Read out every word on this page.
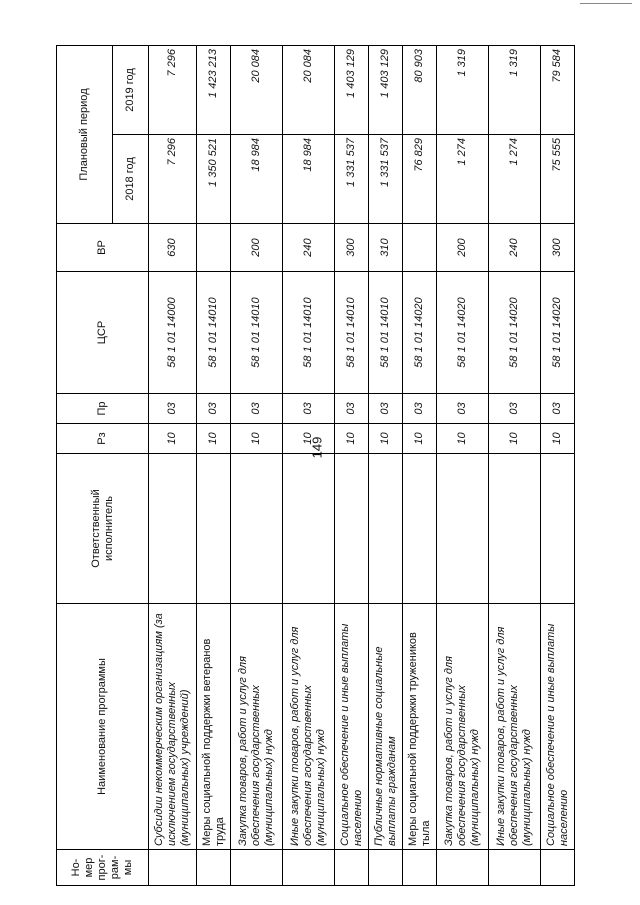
149
Но-мер прог-рам-мы	Наименование программы	Ответственный исполнитель	Рз	Пр	ЦСР	ВР	Плановый период	
							2018 год	2019 год
	Субсидии некоммерческим организациям (за исключением государственных (муниципальных) учреждений)		10	03	58 1 01 14000	630	7 296	7 296
	Меры социальной поддержки ветеранов труда		10	03	58 1 01 14010		1 350 521	1 423 213
	Закупка товаров, работ и услуг для обеспечения государственных (муниципальных) нужд		10	03	58 1 01 14010	200	18 984	20 084
	Иные закупки товаров, работ и услуг для обеспечения государственных (муниципальных) нужд		10	03	58 1 01 14010	240	18 984	20 084
	Социальное обеспечение и иные выплаты населению		10	03	58 1 01 14010	300	1 331 537	1 403 129
	Публичные нормативные социальные выплаты гражданам		10	03	58 1 01 14010	310	1 331 537	1 403 129
	Меры социальной поддержки тружеников тыла		10	03	58 1 01 14020		76 829	80 903
	Закупка товаров, работ и услуг для обеспечения государственных (муниципальных) нужд		10	03	58 1 01 14020	200	1 274	1 319
	Иные закупки товаров, работ и услуг для обеспечения государственных (муниципальных) нужд		10	03	58 1 01 14020	240	1 274	1 319
	Социальное обеспечение и иные выплаты населению		10	03	58 1 01 14020	300	75 555	79 584
